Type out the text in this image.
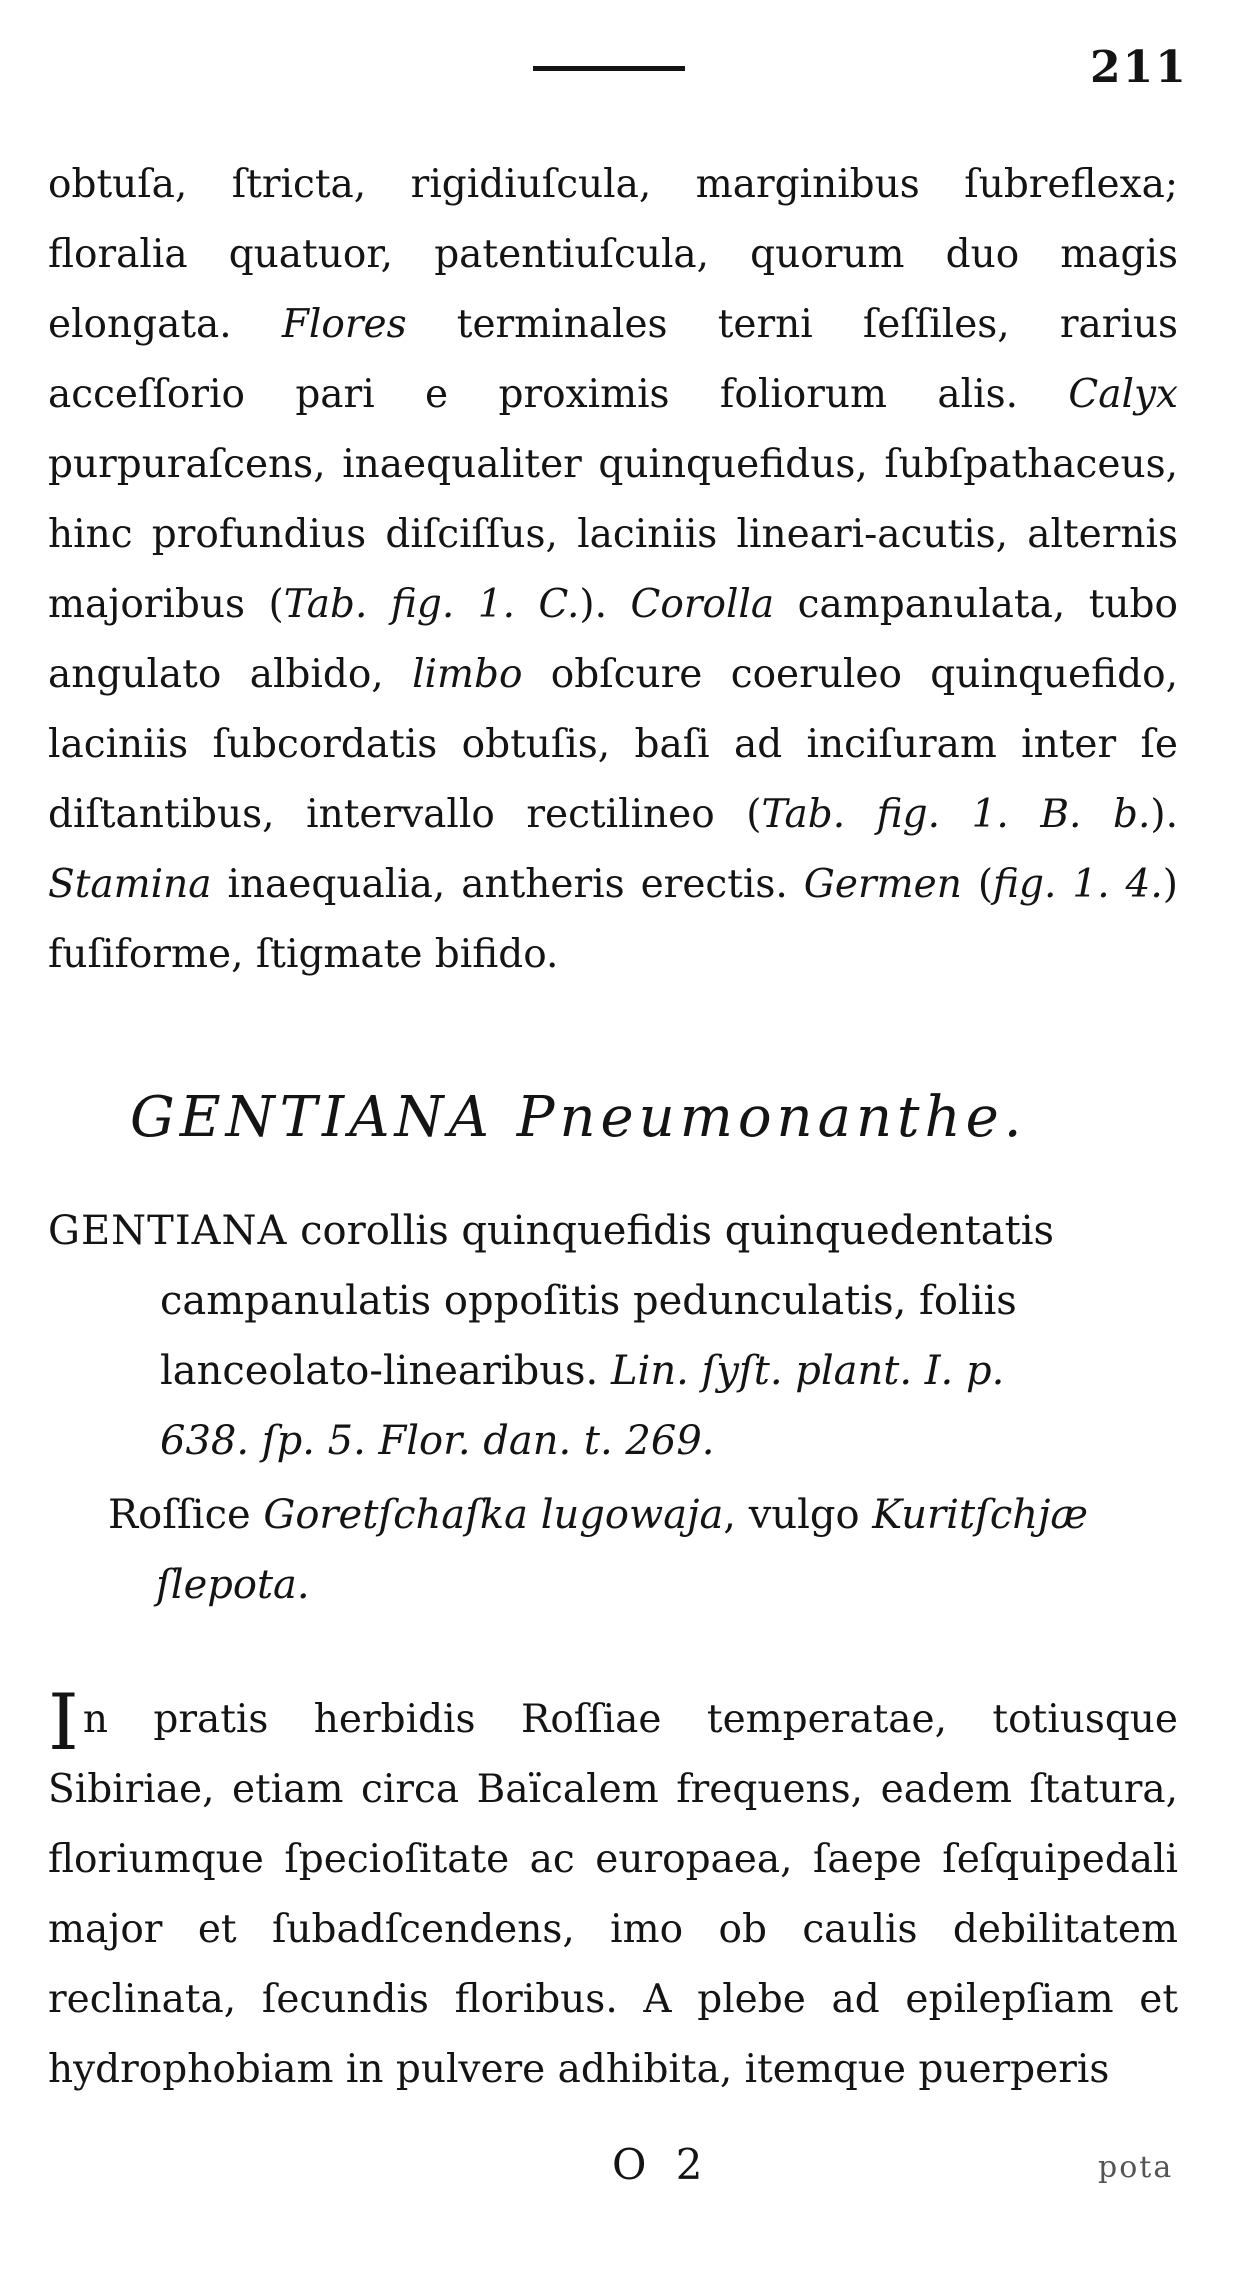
211
obtuſa, ſtricta, rigidiuſcula, marginibus ſubreflexa; floralia quatuor, patentiuſcula, quorum duo magis elongata. Flores terminales terni ſeſſiles, rarius acceſſorio pari e proximis foliorum alis. Calyx purpuraſcens, inaequaliter quinquefidus, ſubſpathaceus, hinc profundius diſciſſus, laciniis lineari-acutis, alternis majoribus (Tab. fig. 1. C.). Corolla campanulata, tubo angulato albido, limbo obſcure coeruleo quinquefido, laciniis ſubcordatis obtuſis, baſi ad inciſuram inter ſe diſtantibus, intervallo rectilineo (Tab. fig. 1. B. b.). Stamina inaequalia, antheris erectis. Germen (fig. 1. 4.) fuſiforme, ſtigmate bifido.
GENTIANA Pneumonanthe.
GENTIANA corollis quinquefidis quinquedentatis
campanulatis oppoſitis pedunculatis, foliis
lanceolato-linearibus. Lin. ſyſt. plant. I. p.
638. ſp. 5. Flor. dan. t. 269.
Roſſice Goretſchaſka lugowaja, vulgo Kuritſchjæ
ſlepota.
In pratis herbidis Roſſiae temperatae, totiusque Sibiriae, etiam circa Baïcalem frequens, eadem ſtatura, floriumque ſpecioſitate ac europaea, ſaepe ſeſquipedali major et ſubadſcendens, imo ob caulis debilitatem reclinata, ſecundis floribus. A plebe ad epilepſiam et hydrophobiam in pulvere adhibita, itemque puerperis
O 2	pota
